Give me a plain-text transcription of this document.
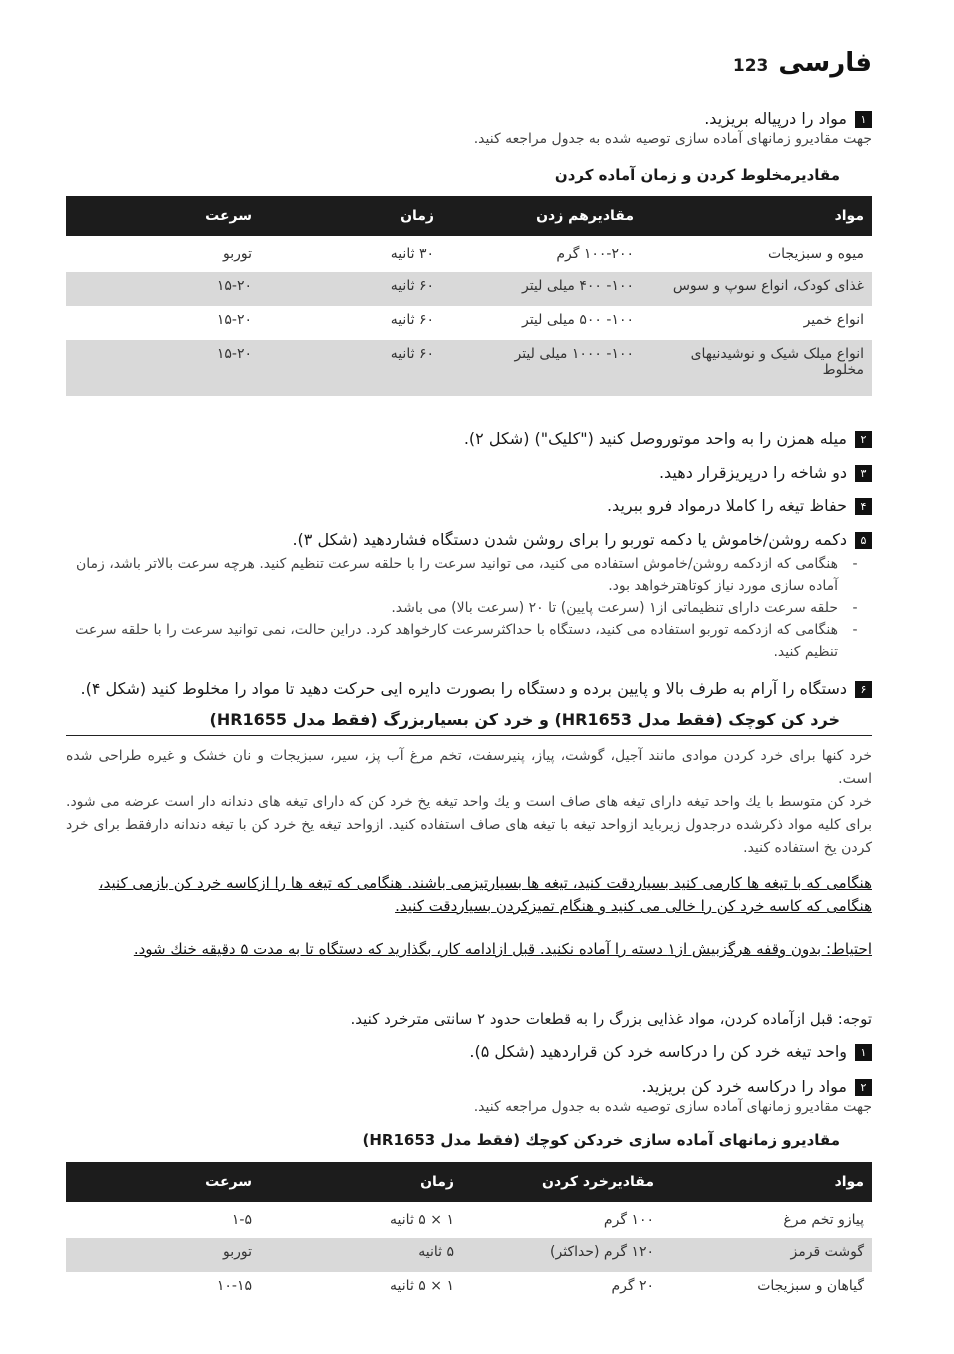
فارسی
123
۱مواد را درپیاله بریزید.
جهت مقادیرو زمانهای آماده سازی توصیه شده به جدول مراجعه کنید.
مقادیرمخلوط کردن و زمان آماده کردن
مواد	مقادیرهم زدن	زمان	سرعت
میوه و سبزیجات	۱۰۰-۲۰۰ گرم	۳۰ ثانیه	توربو
غذای کودک، انواع سوپ و سوس	۱۰۰- ۴۰۰ میلی لیتر	۶۰ ثانیه	۱۵-۲۰
انواع خمیر	۱۰۰- ۵۰۰ میلی لیتر	۶۰ ثانیه	۱۵-۲۰
انواع میلک شیک و نوشیدنیهای مخلوط	۱۰۰- ۱۰۰۰ میلی لیتر	۶۰ ثانیه	۱۵-۲۰
۲میله همزن را به واحد موتوروصل کنید ("کلیک") (شکل ۲).
۳دو شاخه را درپریزقرار دهید.
۴حفاظ تیغه را کاملا درمواد فرو ببرید.
۵دکمه روشن/خاموش یا دکمه توربو را برای روشن شدن دستگاه فشاردهید (شکل ۳).
-
هنگامی که ازدکمه روشن/خاموش استفاده می کنید، می توانید سرعت را با حلقه سرعت تنظیم کنید. هرچه سرعت بالاتر باشد، زمان آماده سازی مورد نیاز کوتاهترخواهد بود.
-
حلقه سرعت دارای تنظیماتی از۱ (سرعت پایین) تا ۲۰ (سرعت بالا) می باشد.
-
هنگامی که ازدکمه توربو استفاده می کنید، دستگاه با حداکثرسرعت کارخواهد کرد. دراین حالت، نمی توانید سرعت را با حلقه سرعت تنظیم کنید.
۶دستگاه را آرام به طرف بالا و پایین برده و دستگاه را بصورت دایره ایی حرکت دهید تا مواد را مخلوط کنید (شکل ۴).
خرد کن کوچک (فقط مدل HR1653) و خرد کن بسیاربزرگ (فقط مدل HR1655)
خرد کنها برای خرد کردن موادی مانند آجیل، گوشت، پیاز، پنیرسفت، تخم مرغ آب پز، سیر، سبزیجات و نان خشک و غیره طراحی شده است.
خرد کن متوسط با یك واحد تیغه دارای تیغه های صاف است و یك واحد تیغه یخ خرد کن که دارای تیغه های دندانه دار است عرضه می شود. برای کلیه مواد ذکرشده درجدول زیرباید ازواحد تیغه با تیغه های صاف استفاده کنید. ازواحد تیغه یخ خرد کن با تیغه دندانه دارفقط برای خرد کردن یخ استفاده کنید.
هنگامی که با تیغه ها کارمی کنید بسیاردقت کنید، تیغه ها بسیارتیزمی باشند. هنگامی که تیغه ها را ازکاسه خرد کن بازمی کنید، هنگامی که کاسه خرد کن را خالی می کنید و هنگام تمیزکردن بسیاردقت کنید.
احتیاط: بدون وقفه هرگزبیش از۱ دسته را آماده نکنید. قبل ازادامه کار، بگذارید که دستگاه تا به مدت ۵ دقیقه خنك شود.
توجه: قبل ازآماده کردن، مواد غذایی بزرگ را به قطعات حدود ۲ سانتی مترخرد کنید.
۱واحد تیغه خرد کن را درکاسه خرد کن قراردهید (شکل ۵).
۲مواد را درکاسه خرد کن بریزید.
جهت مقادیرو زمانهای آماده سازی توصیه شده به جدول مراجعه کنید.
مقادیرو زمانهای آماده سازی خردکن کوچك (فقط مدل HR1653)
مواد	مقادیرخرد کردن	زمان	سرعت
پیازو تخم مرغ	۱۰۰ گرم	۱ × ۵ ثانیه	۱-۵
گوشت قرمز	۱۲۰ گرم (حداکثر)	۵ ثانیه	توربو
گیاهان و سبزیجات	۲۰ گرم	۱ × ۵ ثانیه	۱۰-۱۵
